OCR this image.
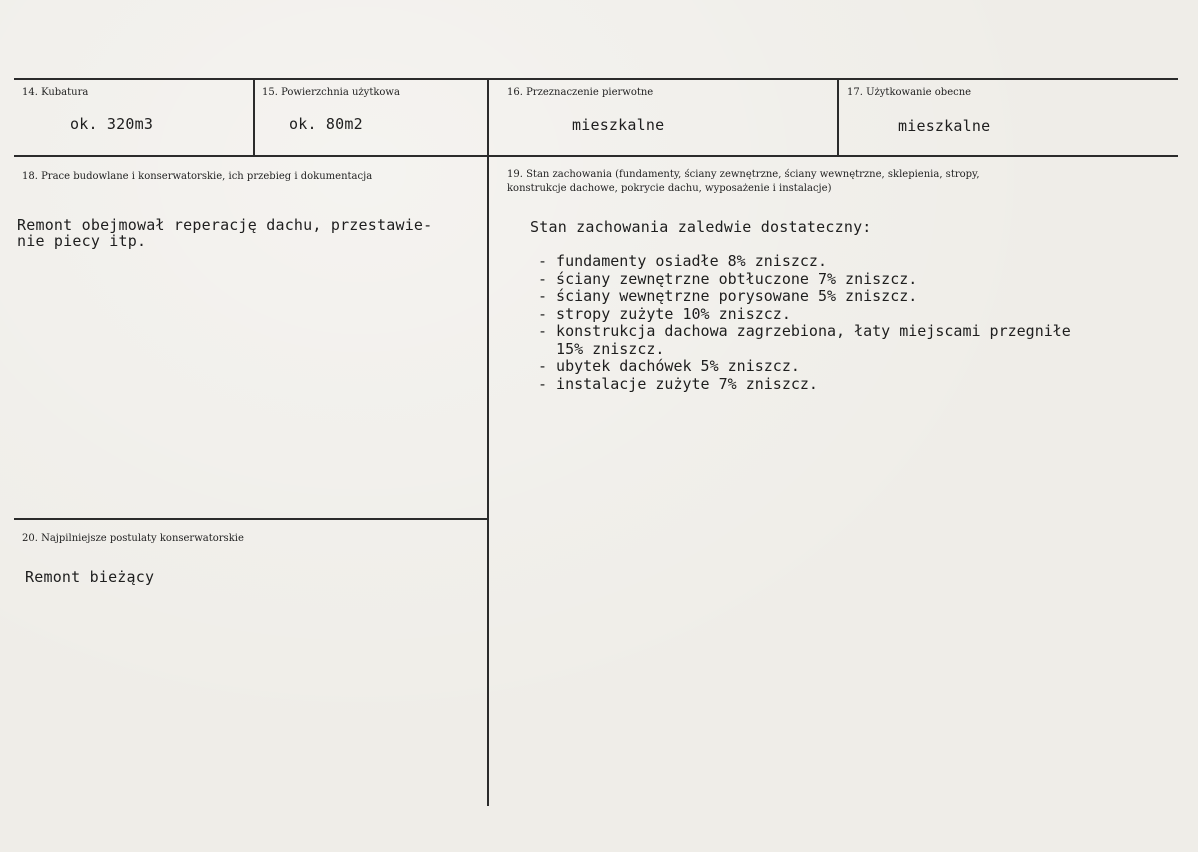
14. Kubatura
ok. 320m3
15. Powierzchnia użytkowa
ok. 80m2
16. Przeznaczenie pierwotne
mieszkalne
17. Użytkowanie obecne
mieszkalne
18. Prace budowlane i konserwatorskie, ich przebieg i dokumentacja
Remont obejmował reperację dachu, przestawie-
nie piecy itp.
19. Stan zachowania (fundamenty, ściany zewnętrzne, ściany wewnętrzne, sklepienia, stropy,
konstrukcje dachowe, pokrycie dachu, wyposażenie i instalacje)
Stan zachowania zaledwie dostateczny:
- fundamenty osiadłe 8% zniszcz.
- ściany zewnętrzne obtłuczone 7% zniszcz.
- ściany wewnętrzne porysowane 5% zniszcz.
- stropy zużyte 10% zniszcz.
- konstrukcja dachowa zagrzebiona, łaty miejscami przegniłe
15% zniszcz.
- ubytek dachówek 5% zniszcz.
- instalacje zużyte 7% zniszcz.
20. Najpilniejsze postulaty konserwatorskie
Remont bieżący
